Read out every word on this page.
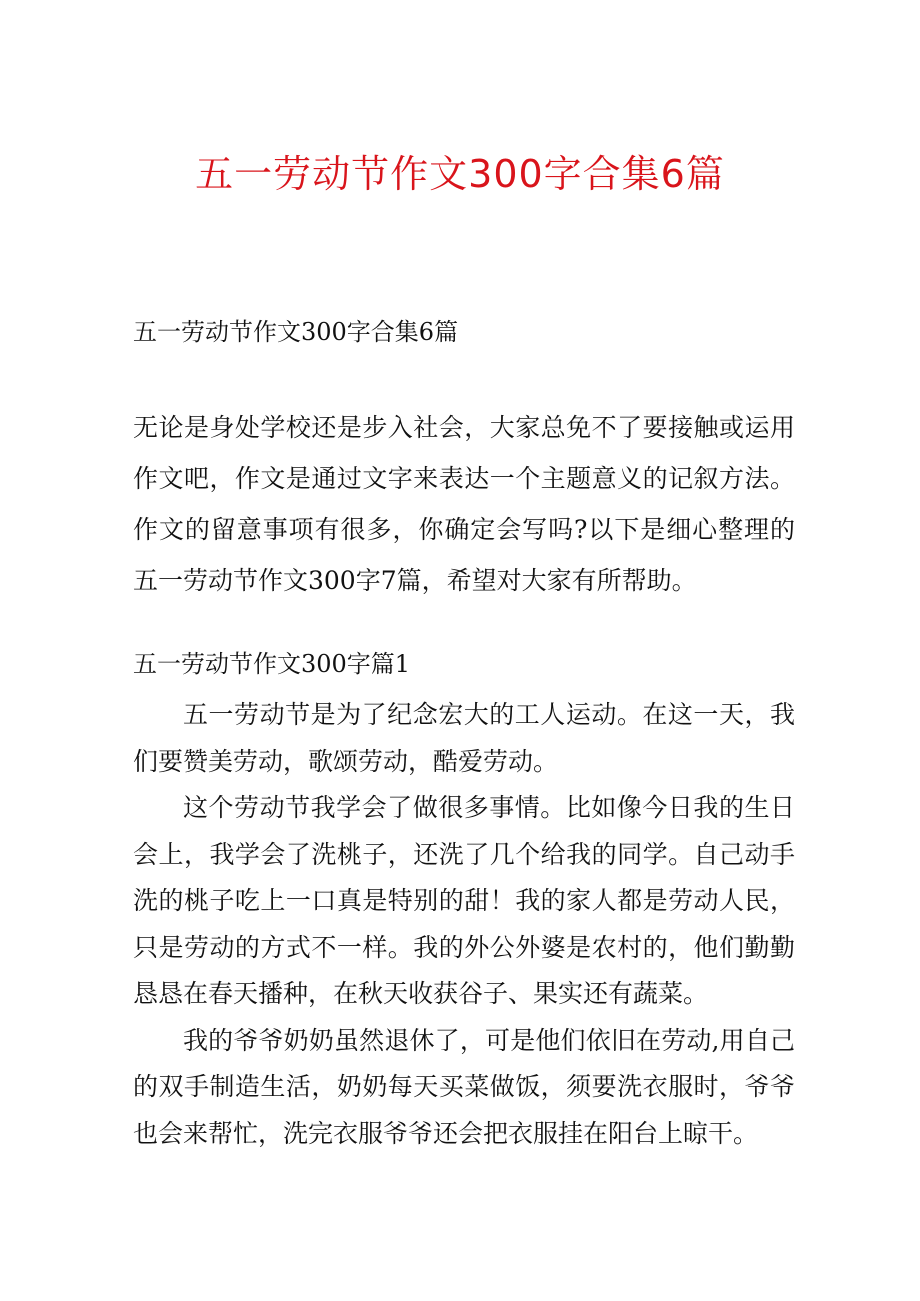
五一劳动节作文300字合集6篇
五一劳动节作文300字合集6篇

无论是身处学校还是步入社会，大家总免不了要接触或运用作文吧，作文是通过文字来表达一个主题意义的记叙方法。作文的留意事项有很多，你确定会写吗?以下是细心整理的五一劳动节作文300字7篇，希望对大家有所帮助。

五一劳动节作文300字篇1

五一劳动节是为了纪念宏大的工人运动。在这一天，我们要赞美劳动，歌颂劳动，酷爱劳动。

这个劳动节我学会了做很多事情。比如像今日我的生日会上，我学会了洗桃子，还洗了几个给我的同学。自己动手洗的桃子吃上一口真是特别的甜！我的家人都是劳动人民，只是劳动的方式不一样。我的外公外婆是农村的，他们勤勤恳恳在春天播种，在秋天收获谷子、果实还有蔬菜。

我的爷爷奶奶虽然退休了，可是他们依旧在劳动,用自己的双手制造生活，奶奶每天买菜做饭，须要洗衣服时，爷爷也会来帮忙，洗完衣服爷爷还会把衣服挂在阳台上晾干。
